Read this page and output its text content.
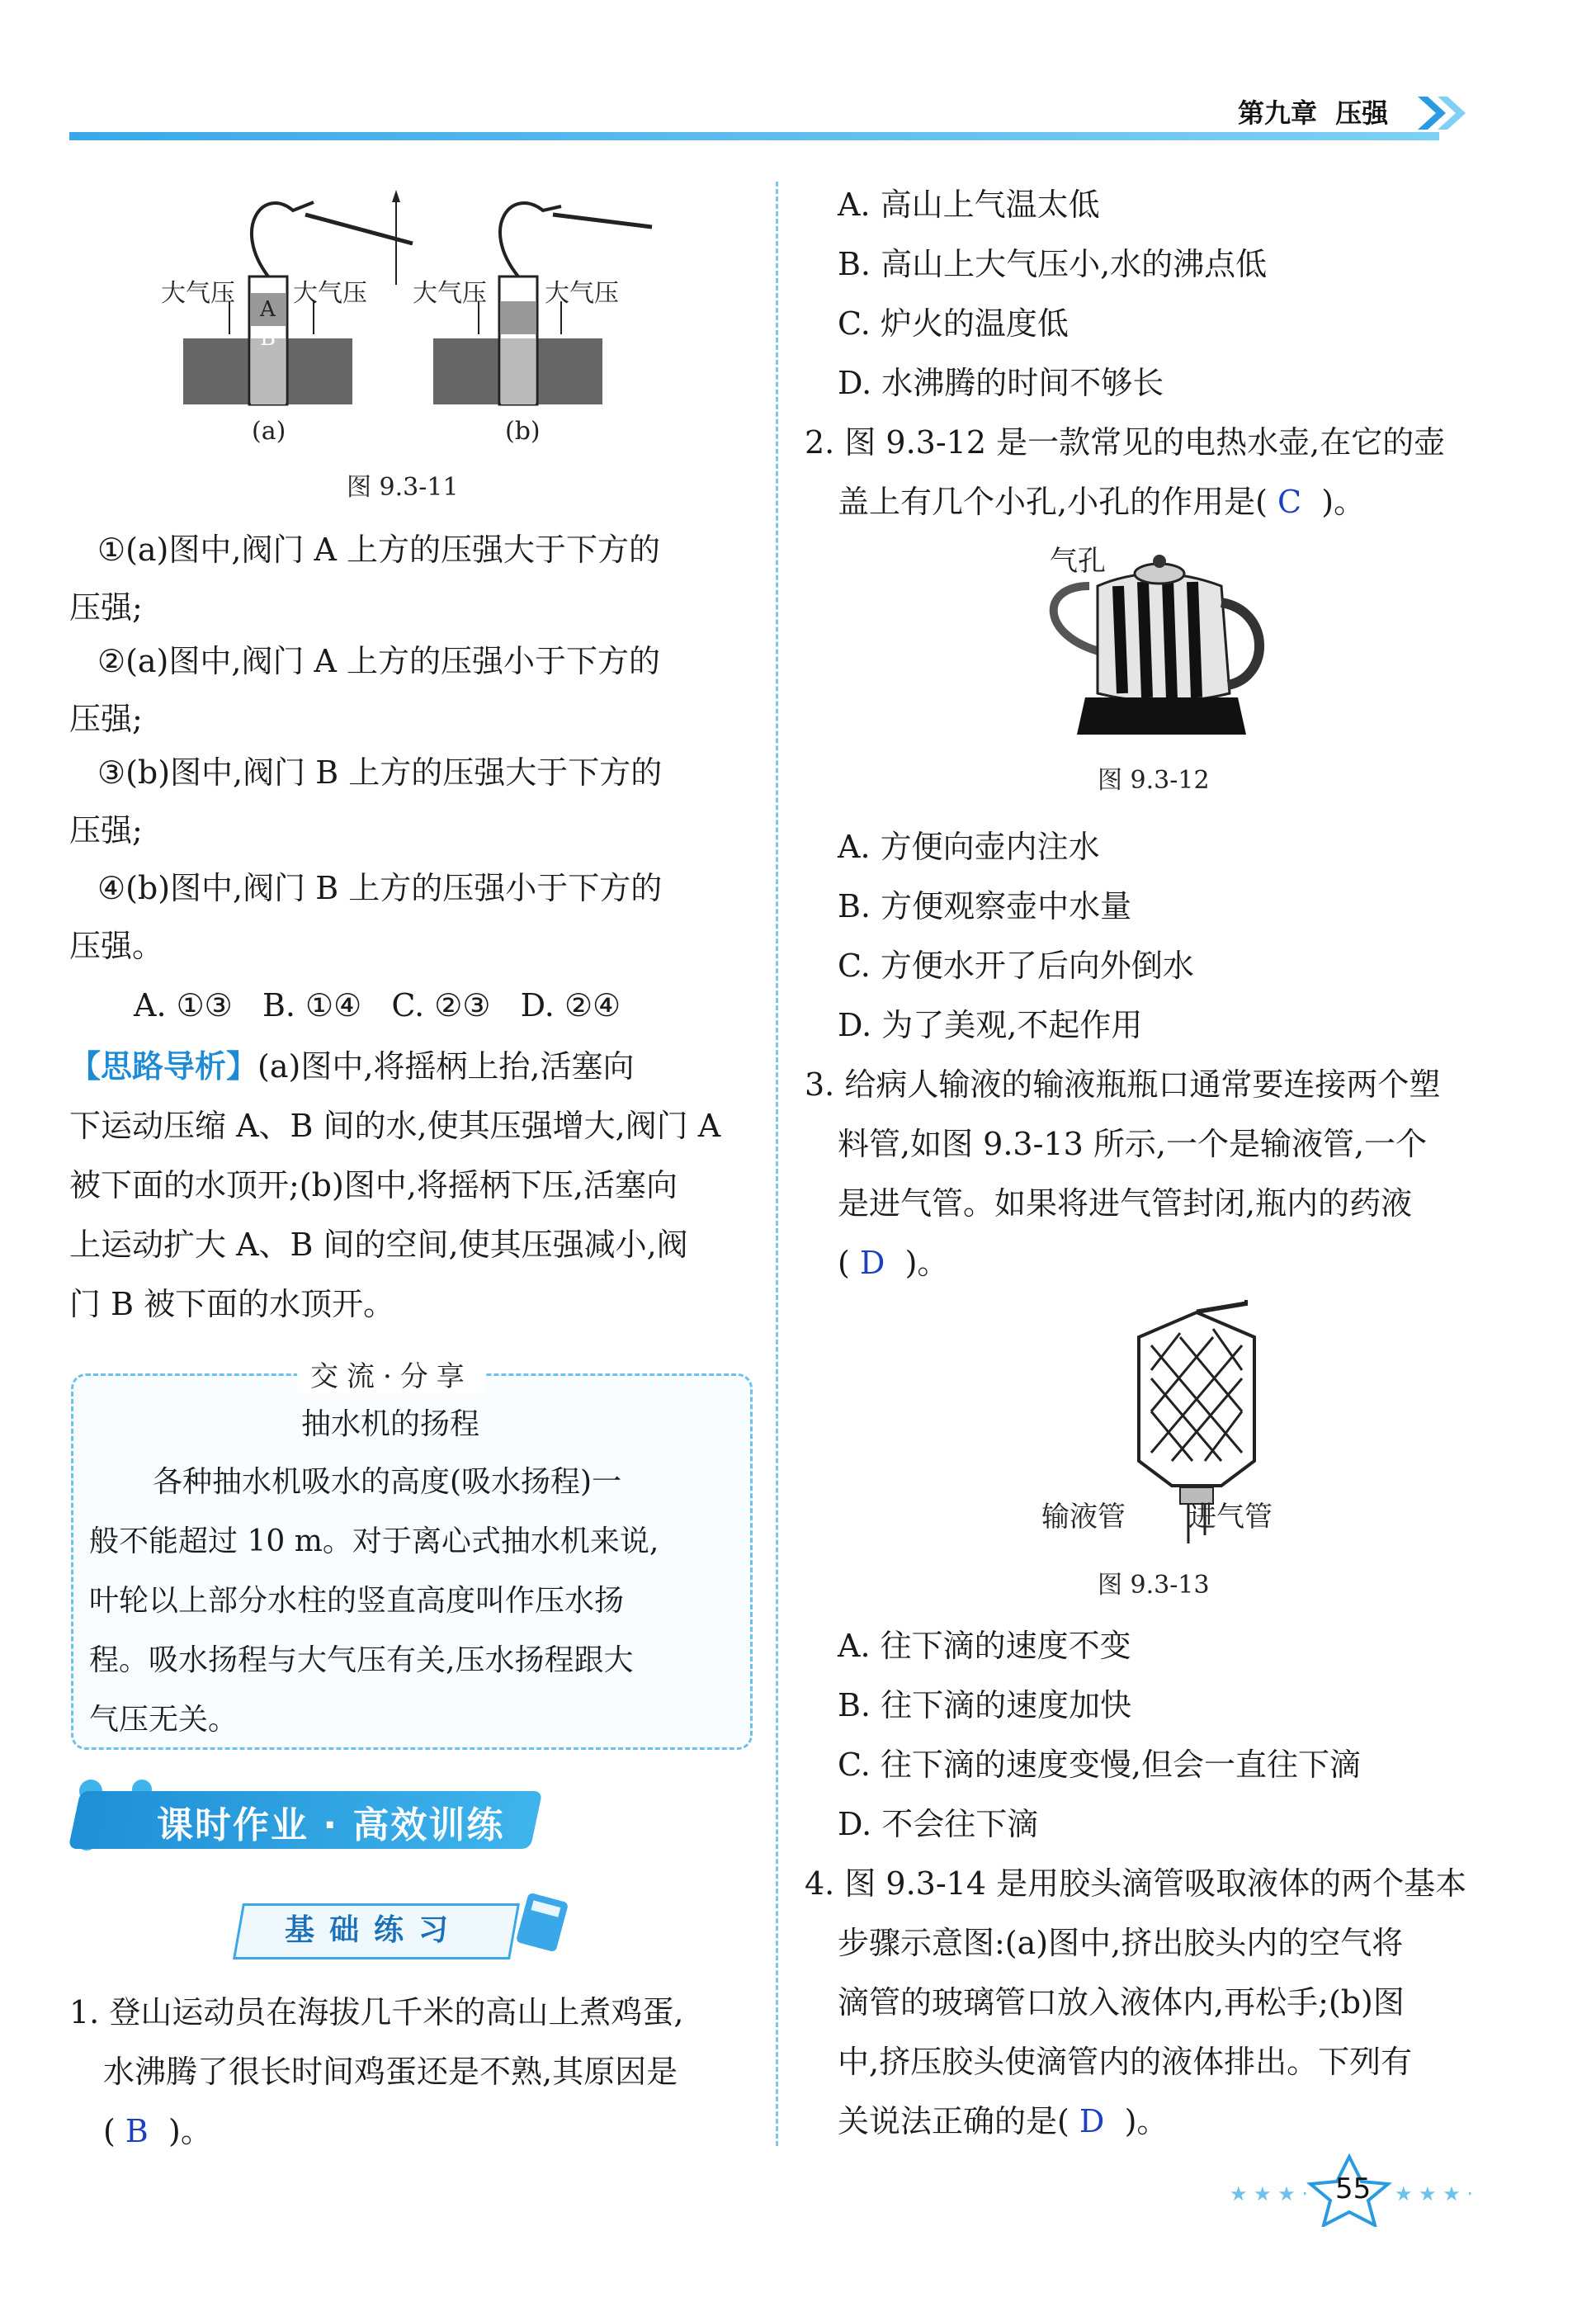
第九章 压强
大气压 大气压 大气压 大气压
A
B
(a)	(b)
图 9.3-11
①(a)图中,阀门 A 上方的压强大于下方的
压强;
②(a)图中,阀门 A 上方的压强小于下方的
压强;
③(b)图中,阀门 B 上方的压强大于下方的
压强;
④(b)图中,阀门 B 上方的压强小于下方的
压强。
A. ①③   B. ①④   C. ②③   D. ②④
【思路导析】(a)图中,将摇柄上抬,活塞向
下运动压缩 A、B 间的水,使其压强增大,阀门 A
被下面的水顶开;(b)图中,将摇柄下压,活塞向
上运动扩大 A、B 间的空间,使其压强减小,阀
门 B 被下面的水顶开。
交流·分享
抽水机的扬程
各种抽水机吸水的高度(吸水扬程)一
般不能超过 10 m。对于离心式抽水机来说,
叶轮以上部分水柱的竖直高度叫作压水扬
程。吸水扬程与大气压有关,压水扬程跟大
气压无关。
课时作业 · 高效训练
基础练习
1. 登山运动员在海拔几千米的高山上煮鸡蛋,
水沸腾了很长时间鸡蛋还是不熟,其原因是
( B )。
A. 高山上气温太低
B. 高山上大气压小,水的沸点低
C. 炉火的温度低
D. 水沸腾的时间不够长
2. 图 9.3-12 是一款常见的电热水壶,在它的壶
盖上有几个小孔,小孔的作用是( C )。
气孔
图 9.3-12
A. 方便向壶内注水
B. 方便观察壶中水量
C. 方便水开了后向外倒水
D. 为了美观,不起作用
3. 给病人输液的输液瓶瓶口通常要连接两个塑
料管,如图 9.3-13 所示,一个是输液管,一个
是进气管。如果将进气管封闭,瓶内的药液
( D )。
输液管 进气管
图 9.3-13
A. 往下滴的速度不变
B. 往下滴的速度加快
C. 往下滴的速度变慢,但会一直往下滴
D. 不会往下滴
4. 图 9.3-14 是用胶头滴管吸取液体的两个基本
步骤示意图:(a)图中,挤出胶头内的空气将
滴管的玻璃管口放入液体内,再松手;(b)图
中,挤压胶头使滴管内的液体排出。下列有
关说法正确的是( D )。
★ ★ ★ ·	★ ★ ★ ·
55
